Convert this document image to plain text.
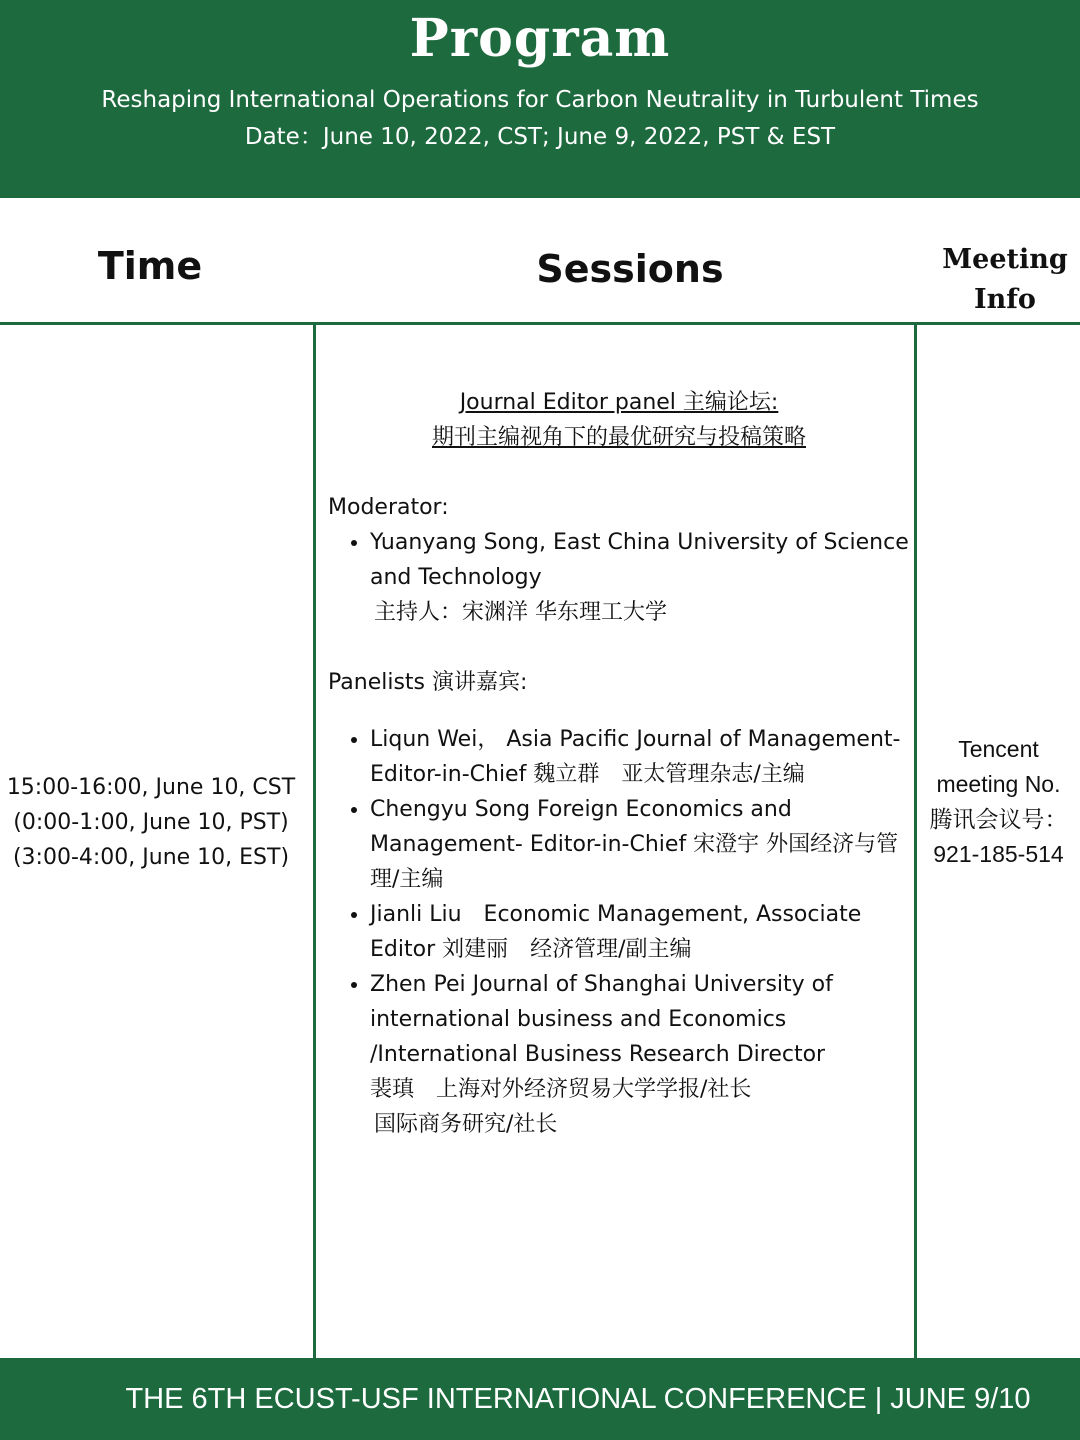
Program
Reshaping International Operations for Carbon Neutrality in Turbulent Times
Date：June 10, 2022, CST; June 9, 2022, PST & EST
Time	Sessions	Meeting
Info
15:00-16:00, June 10, CST
(0:00-1:00, June 10, PST)
(3:00-4:00, June 10, EST)
Journal Editor panel 主编论坛:
期刊主编视角下的最优研究与投稿策略
Moderator:
• Yuanyang Song, East China University of Science and Technology
主持人：宋渊洋 华东理工大学
Panelists 演讲嘉宾:
• Liqun Wei， Asia Pacific Journal of Management- Editor-in-Chief 魏立群　亚太管理杂志/主编
• Chengyu Song Foreign Economics and Management- Editor-in-Chief 宋澄宇 外国经济与管理/主编
• Jianli Liu　Economic Management, Associate Editor 刘建丽　经济管理/副主编
• Zhen Pei Journal of Shanghai University of international business and Economics /International Business Research Director
裴瑱　上海对外经济贸易大学学报/社长
国际商务研究/社长
Tencent
meeting No.
腾讯会议号：
921-185-514
THE 6TH ECUST-USF INTERNATIONAL CONFERENCE | JUNE 9/10
